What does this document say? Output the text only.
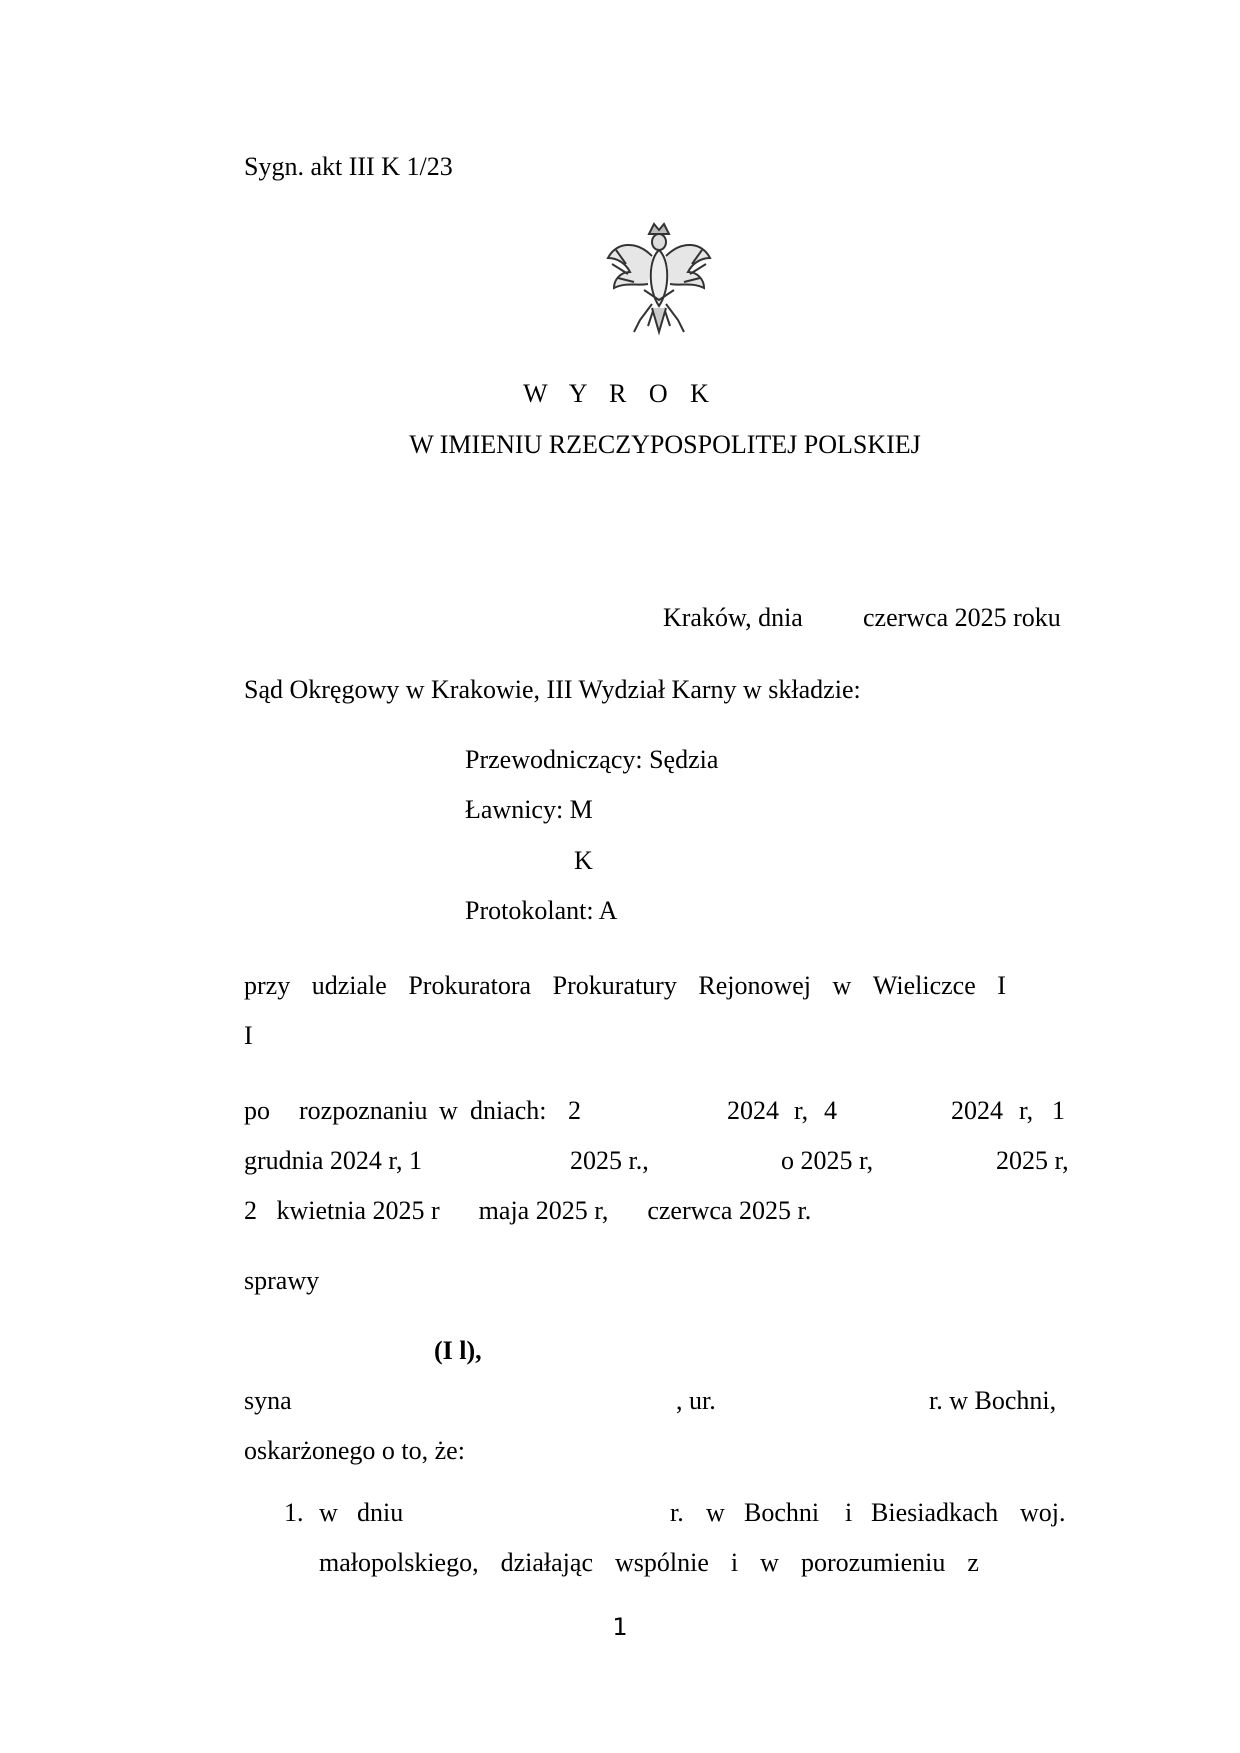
Sygn. akt III K 1/23
W Y R O K
W IMIENIU RZECZYPOSPOLITEJ POLSKIEJ
Kraków, dnia czerwca 2025 roku
Sąd Okręgowy w Krakowie, III Wydział Karny w składzie:
Przewodniczący: Sędzia
Ławnicy: M
K
Protokolant: A
przy udziale Prokuratora Prokuratury Rejonowej w Wieliczce I
I
po rozpoznaniu w dniach: 2	2024 r, 4	2024 r, 1
grudnia 2024 r, 1	2025 r.,	o 2025 r,	2025 r,
2   kwietnia 2025 r      maja 2025 r,      czerwca 2025 r.
sprawy
(I l),
syna	, ur.	r. w Bochni,
oskarżonego o to, że:
1. w dniu	r. w Bochni i Biesiadkach woj.
małopolskiego, działając wspólnie i w porozumieniu z
1
